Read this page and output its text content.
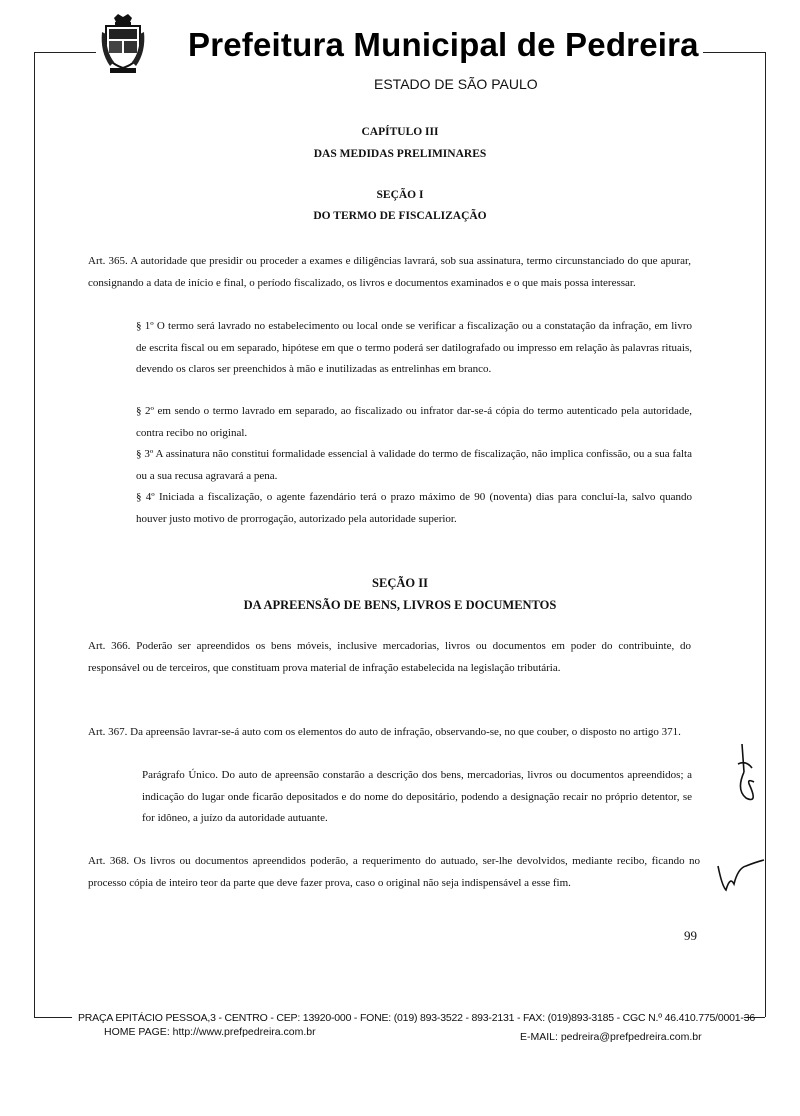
Prefeitura Municipal de Pedreira
ESTADO DE SÃO PAULO
CAPÍTULO III
DAS MEDIDAS PRELIMINARES
SEÇÃO I
DO TERMO DE FISCALIZAÇÃO

Art. 365. A autoridade que presidir ou proceder a exames e diligências lavrará, sob sua assinatura, termo circunstanciado do que apurar, consignando a data de início e final, o período fiscalizado, os livros e documentos examinados e o que mais possa interessar.

§ 1º O termo será lavrado no estabelecimento ou local onde se verificar a fiscalização ou a constatação da infração, em livro de escrita fiscal ou em separado, hipótese em que o termo poderá ser datilografado ou impresso em relação às palavras rituais, devendo os claros ser preenchidos à mão e inutilizadas as entrelinhas em branco.

§ 2º em sendo o termo lavrado em separado, ao fiscalizado ou infrator dar-se-á cópia do termo autenticado pela autoridade, contra recibo no original.

§ 3º A assinatura não constitui formalidade essencial à validade do termo de fiscalização, não implica confissão, ou a sua falta ou a sua recusa agravará a pena.

§ 4º Iniciada a fiscalização, o agente fazendário terá o prazo máximo de 90 (noventa) dias para concluí-la, salvo quando houver justo motivo de prorrogação, autorizado pela autoridade superior.

SEÇÃO II
DA APREENSÃO DE BENS, LIVROS E DOCUMENTOS

Art. 366. Poderão ser apreendidos os bens móveis, inclusive mercadorias, livros ou documentos em poder do contribuinte, do responsável ou de terceiros, que constituam prova material de infração estabelecida na legislação tributária.

Art. 367. Da apreensão lavrar-se-á auto com os elementos do auto de infração, observando-se, no que couber, o disposto no artigo 371.

Parágrafo Único. Do auto de apreensão constarão a descrição dos bens, mercadorias, livros ou documentos apreendidos; a indicação do lugar onde ficarão depositados e do nome do depositário, podendo a designação recair no próprio detentor, se for idôneo, a juízo da autoridade autuante.

Art. 368. Os livros ou documentos apreendidos poderão, a requerimento do autuado, ser-lhe devolvidos, mediante recibo, ficando no processo cópia de inteiro teor da parte que deve fazer prova, caso o original não seja indispensável a esse fim.

99
PRAÇA EPITÁCIO PESSOA,3 - CENTRO - CEP: 13920-000 - FONE: (019) 893-3522 - 893-2131 - FAX: (019)893-3185 - CGC N.º 46.410.775/0001-36
HOME PAGE: http://www.prefpedreira.com.br	E-MAIL: pedreira@prefpedreira.com.br
